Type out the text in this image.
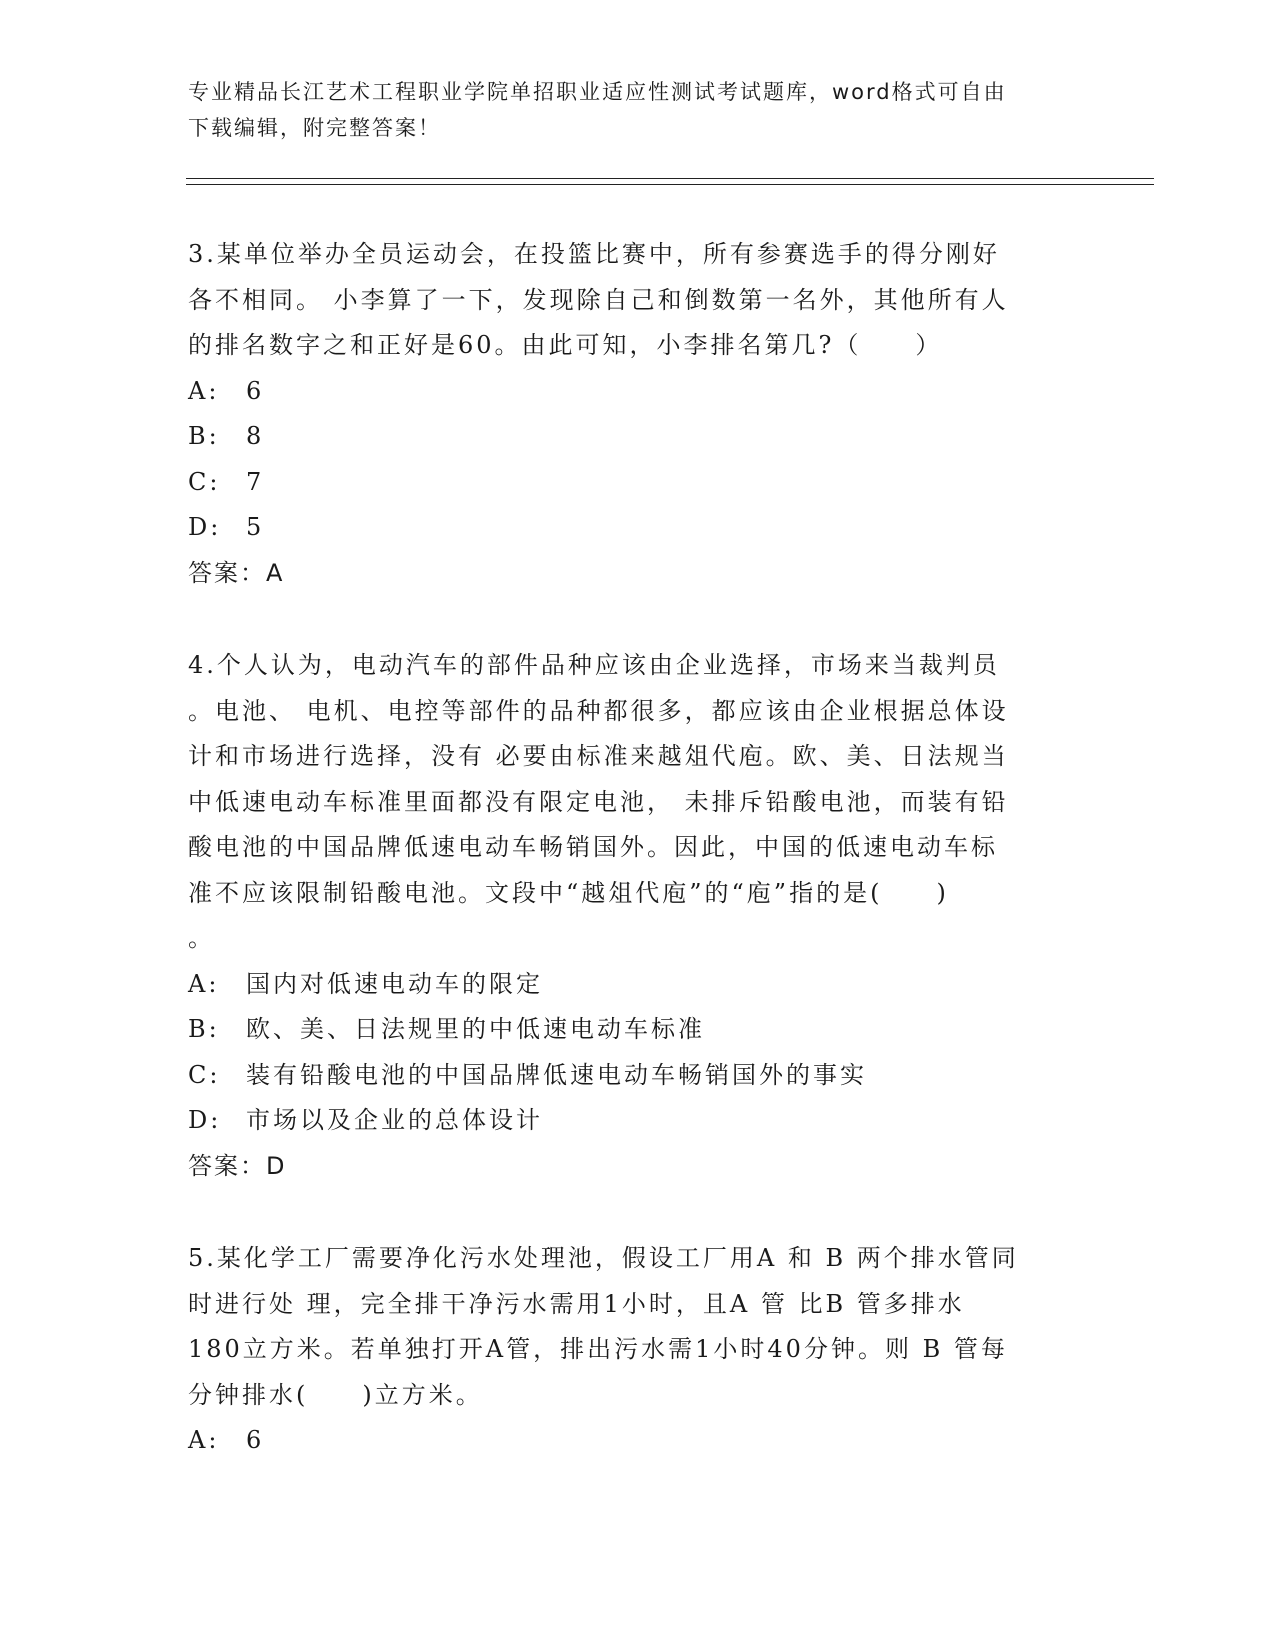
专业精品长江艺术工程职业学院单招职业适应性测试考试题库，word格式可自由
下载编辑，附完整答案！
3.某单位举办全员运动会，在投篮比赛中，所有参赛选手的得分刚好
各不相同。 小李算了一下，发现除自己和倒数第一名外，其他所有人
的排名数字之和正好是60。由此可知，小李排名第几?（　　）
A: 6
B: 8
C: 7
D: 5
答案：A
4.个人认为，电动汽车的部件品种应该由企业选择，市场来当裁判员
。电池、 电机、电控等部件的品种都很多，都应该由企业根据总体设
计和市场进行选择，没有 必要由标准来越俎代庖。欧、美、日法规当
中低速电动车标准里面都没有限定电池， 未排斥铅酸电池，而装有铅
酸电池的中国品牌低速电动车畅销国外。因此，中国的低速电动车标
准不应该限制铅酸电池。文段中“越俎代庖”的“庖”指的是(　　)
。
A: 国内对低速电动车的限定
B: 欧、美、日法规里的中低速电动车标准
C: 装有铅酸电池的中国品牌低速电动车畅销国外的事实
D: 市场以及企业的总体设计
答案：D
5.某化学工厂需要净化污水处理池，假设工厂用A 和 B 两个排水管同
时进行处 理，完全排干净污水需用1小时，且A 管 比B 管多排水
180立方米。若单独打开A管，排出污水需1小时40分钟。则 B 管每
分钟排水(　　)立方米。
A: 6
